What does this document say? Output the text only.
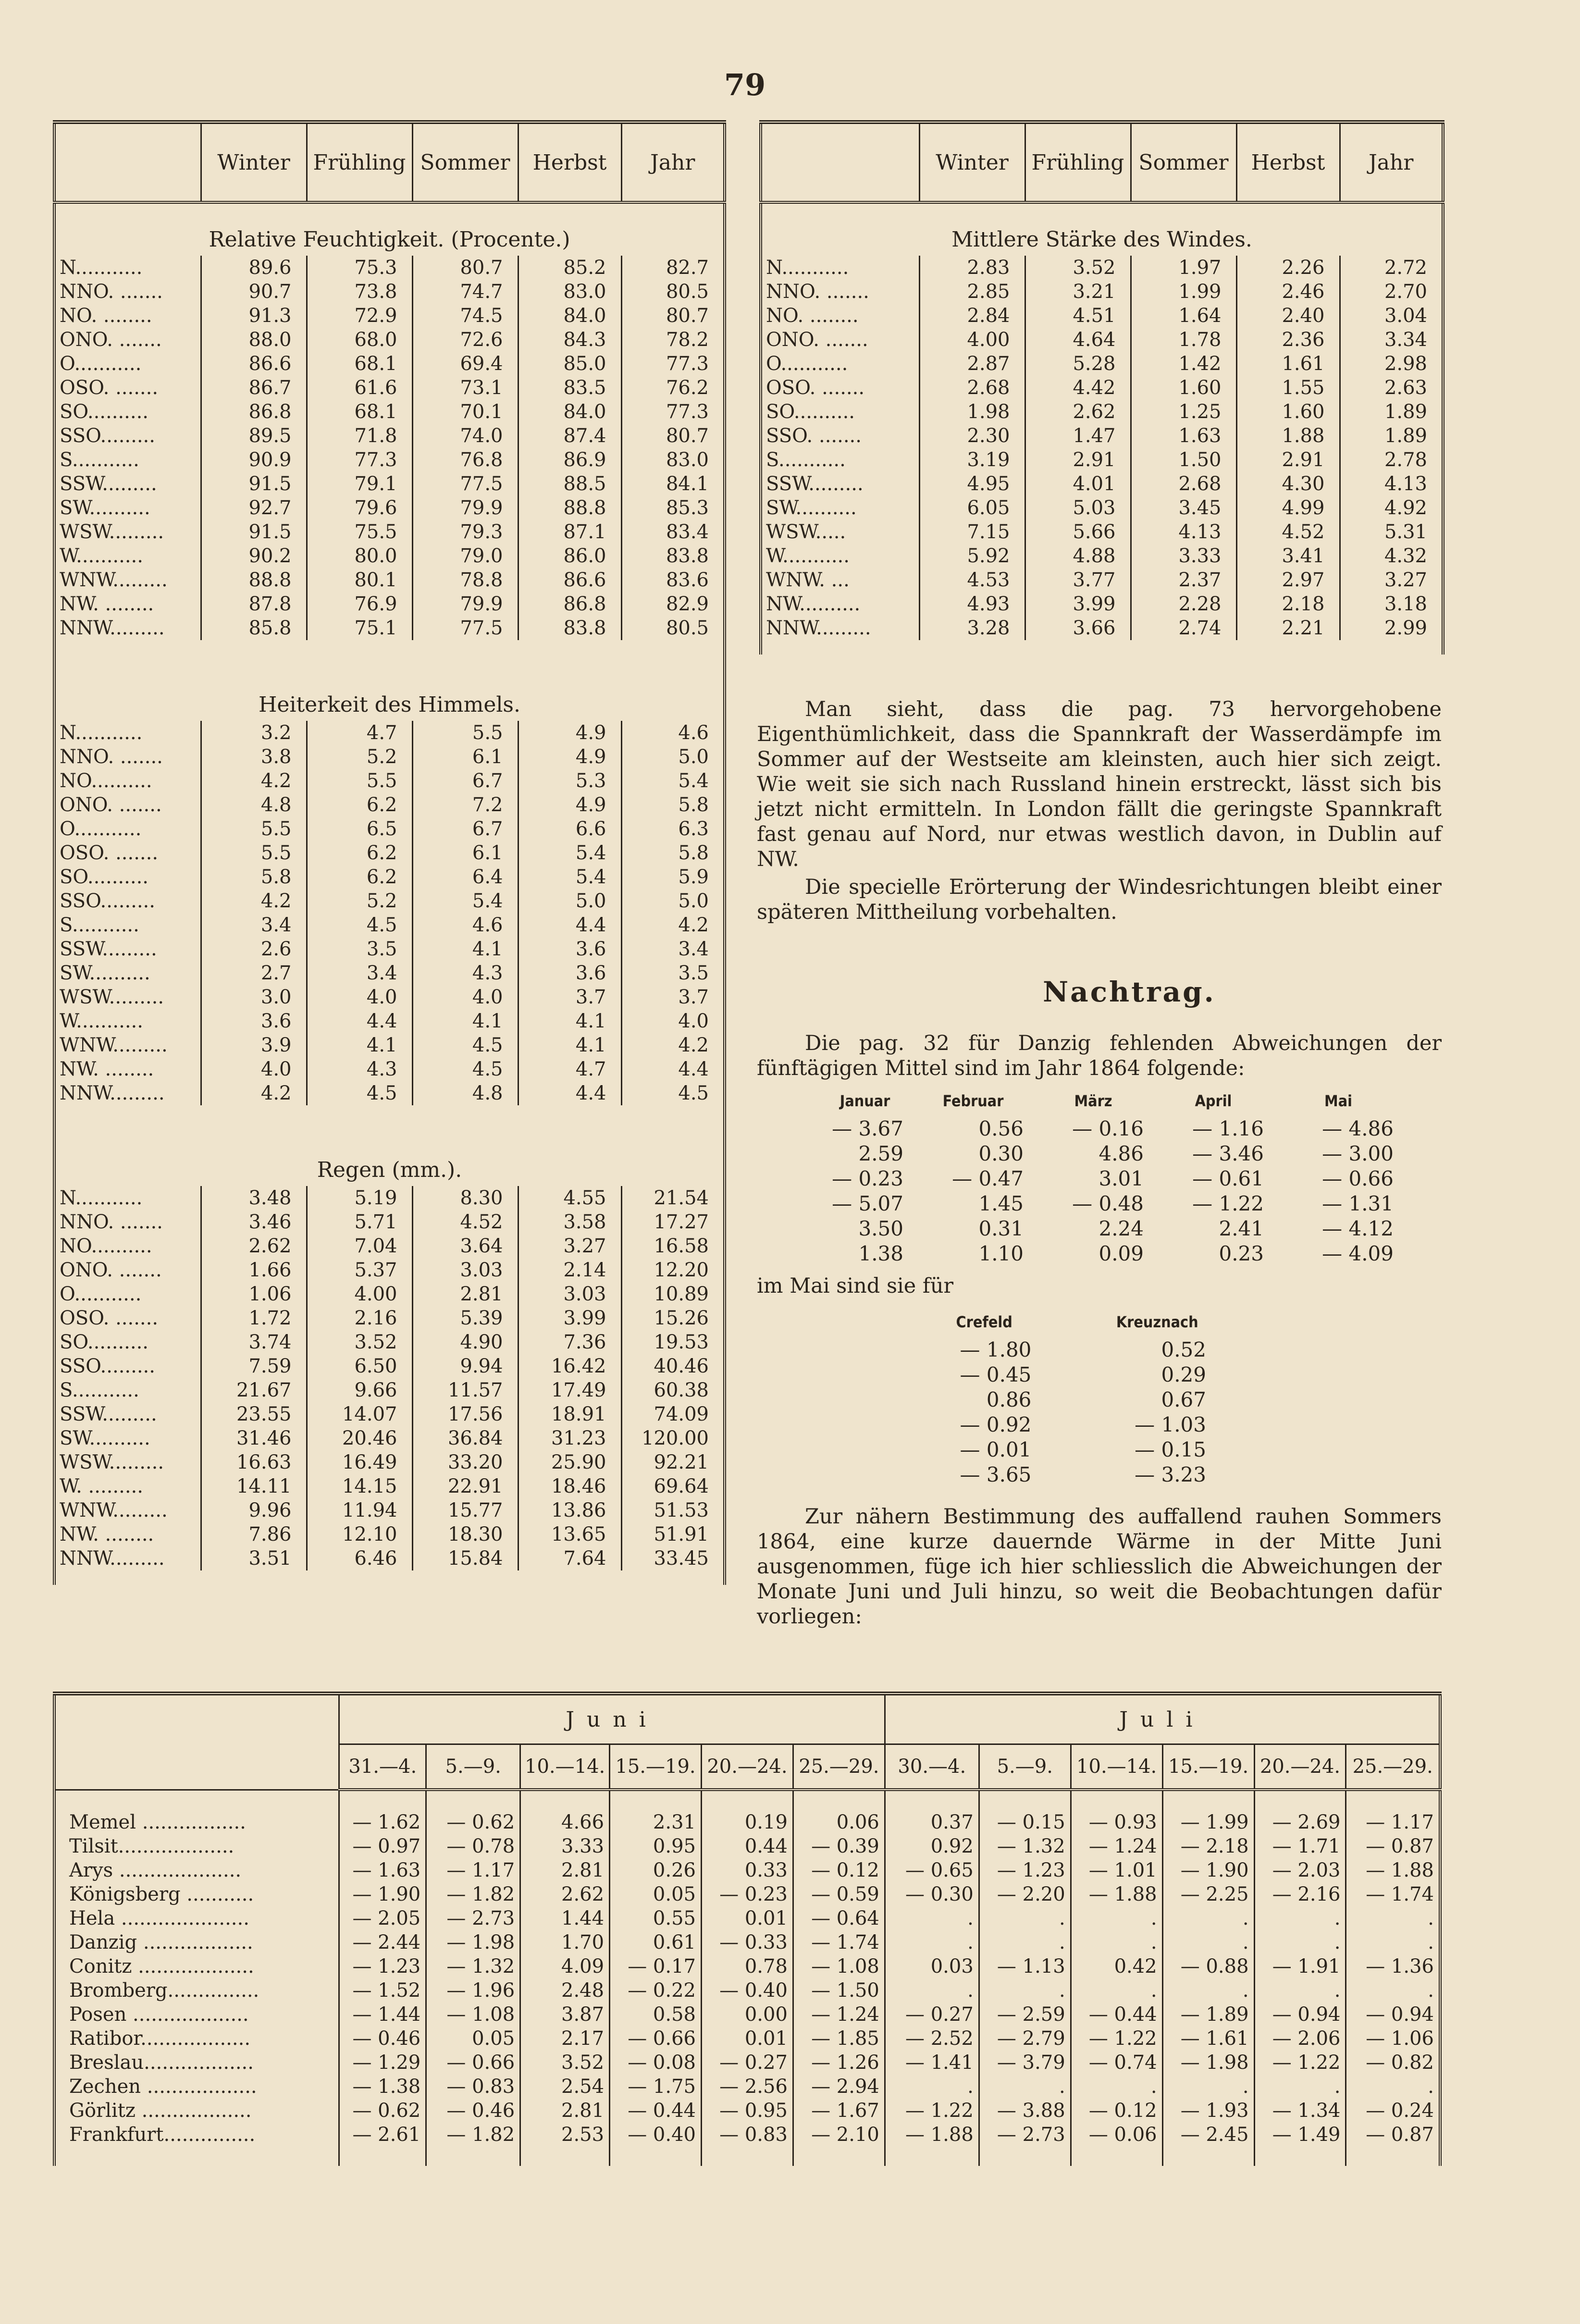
79
	Winter	Frühling	Sommer	Herbst	Jahr
Relative Feuchtigkeit. (Procente.)					
N...........	89.6	75.3	80.7	85.2	82.7
NNO. .......	90.7	73.8	74.7	83.0	80.5
NO. ........	91.3	72.9	74.5	84.0	80.7
ONO. .......	88.0	68.0	72.6	84.3	78.2
O...........	86.6	68.1	69.4	85.0	77.3
OSO. .......	86.7	61.6	73.1	83.5	76.2
SO..........	86.8	68.1	70.1	84.0	77.3
SSO.........	89.5	71.8	74.0	87.4	80.7
S...........	90.9	77.3	76.8	86.9	83.0
SSW.........	91.5	79.1	77.5	88.5	84.1
SW..........	92.7	79.6	79.9	88.8	85.3
WSW.........	91.5	75.5	79.3	87.1	83.4
W...........	90.2	80.0	79.0	86.0	83.8
WNW.........	88.8	80.1	78.8	86.6	83.6
NW. ........	87.8	76.9	79.9	86.8	82.9
NNW.........	85.8	75.1	77.5	83.8	80.5

Heiterkeit des Himmels.					
N...........	3.2	4.7	5.5	4.9	4.6
NNO. .......	3.8	5.2	6.1	4.9	5.0
NO..........	4.2	5.5	6.7	5.3	5.4
ONO. .......	4.8	6.2	7.2	4.9	5.8
O...........	5.5	6.5	6.7	6.6	6.3
OSO. .......	5.5	6.2	6.1	5.4	5.8
SO..........	5.8	6.2	6.4	5.4	5.9
SSO.........	4.2	5.2	5.4	5.0	5.0
S...........	3.4	4.5	4.6	4.4	4.2
SSW.........	2.6	3.5	4.1	3.6	3.4
SW..........	2.7	3.4	4.3	3.6	3.5
WSW.........	3.0	4.0	4.0	3.7	3.7
W...........	3.6	4.4	4.1	4.1	4.0
WNW.........	3.9	4.1	4.5	4.1	4.2
NW. ........	4.0	4.3	4.5	4.7	4.4
NNW.........	4.2	4.5	4.8	4.4	4.5

Regen (mm.).					
N...........	3.48	5.19	8.30	4.55	21.54
NNO. .......	3.46	5.71	4.52	3.58	17.27
NO..........	2.62	7.04	3.64	3.27	16.58
ONO. .......	1.66	5.37	3.03	2.14	12.20
O...........	1.06	4.00	2.81	3.03	10.89
OSO. .......	1.72	2.16	5.39	3.99	15.26
SO..........	3.74	3.52	4.90	7.36	19.53
SSO.........	7.59	6.50	9.94	16.42	40.46
S...........	21.67	9.66	11.57	17.49	60.38
SSW.........	23.55	14.07	17.56	18.91	74.09
SW..........	31.46	20.46	36.84	31.23	120.00
WSW.........	16.63	16.49	33.20	25.90	92.21
W. .........	14.11	14.15	22.91	18.46	69.64
WNW.........	9.96	11.94	15.77	13.86	51.53
NW. ........	7.86	12.10	18.30	13.65	51.91
NNW.........	3.51	6.46	15.84	7.64	33.45

	Winter	Frühling	Sommer	Herbst	Jahr
Mittlere Stärke des Windes.					
N...........	2.83	3.52	1.97	2.26	2.72
NNO. .......	2.85	3.21	1.99	2.46	2.70
NO. ........	2.84	4.51	1.64	2.40	3.04
ONO. .......	4.00	4.64	1.78	2.36	3.34
O...........	2.87	5.28	1.42	1.61	2.98
OSO. .......	2.68	4.42	1.60	1.55	2.63
SO..........	1.98	2.62	1.25	1.60	1.89
SSO. .......	2.30	1.47	1.63	1.88	1.89
S...........	3.19	2.91	1.50	2.91	2.78
SSW.........	4.95	4.01	2.68	4.30	4.13
SW..........	6.05	5.03	3.45	4.99	4.92
WSW.....	7.15	5.66	4.13	4.52	5.31
W...........	5.92	4.88	3.33	3.41	4.32
WNW. ...	4.53	3.77	2.37	2.97	3.27
NW..........	4.93	3.99	2.28	2.18	3.18
NNW.........	3.28	3.66	2.74	2.21	2.99

Man sieht, dass die pag. 73 hervorgehobene Eigenthümlichkeit, dass die Spannkraft der Wasserdämpfe im Sommer auf der Westseite am kleinsten, auch hier sich zeigt. Wie weit sie sich nach Russland hinein erstreckt, lässt sich bis jetzt nicht ermitteln. In London fällt die geringste Spannkraft fast genau auf Nord, nur etwas westlich davon, in Dublin auf NW.

Die specielle Erörterung der Windesrichtungen bleibt einer späteren Mittheilung vorbehalten.

Nachtrag.

Die pag. 32 für Danzig fehlenden Abweichungen der fünftägigen Mittel sind im Jahr 1864 folgende:

Januar	Februar	März	April	Mai
— 3.67	0.56	— 0.16	— 1.16	— 4.86
2.59	0.30	4.86	— 3.46	— 3.00
— 0.23	— 0.47	3.01	— 0.61	— 0.66
— 5.07	1.45	— 0.48	— 1.22	— 1.31
3.50	0.31	2.24	2.41	— 4.12
1.38	1.10	0.09	0.23	— 4.09
im Mai sind sie für
Crefeld	Kreuznach
— 1.80	0.52
— 0.45	0.29
0.86	0.67
— 0.92	— 1.03
— 0.01	— 0.15
— 3.65	— 3.23

Zur nähern Bestimmung des auffallend rauhen Sommers 1864, eine kurze dauernde Wärme in der Mitte Juni ausgenommen, füge ich hier schliesslich die Abweichungen der Monate Juni und Juli hinzu, so weit die Beobachtungen dafür vorliegen:

	Juni						Juli					
	31.—4.	5.—9.	10.—14.	15.—19.	20.—24.	25.—29.	30.—4.	5.—9.	10.—14.	15.—19.	20.—24.	25.—29.

Memel .................	— 1.62	— 0.62	4.66	2.31	0.19	0.06	0.37	— 0.15	— 0.93	— 1.99	— 2.69	— 1.17
Tilsit...................	— 0.97	— 0.78	3.33	0.95	0.44	— 0.39	0.92	— 1.32	— 1.24	— 2.18	— 1.71	— 0.87
Arys ....................	— 1.63	— 1.17	2.81	0.26	0.33	— 0.12	— 0.65	— 1.23	— 1.01	— 1.90	— 2.03	— 1.88
Königsberg ...........	— 1.90	— 1.82	2.62	0.05	— 0.23	— 0.59	— 0.30	— 2.20	— 1.88	— 2.25	— 2.16	— 1.74
Hela .....................	— 2.05	— 2.73	1.44	0.55	0.01	— 0.64	.	.	.	.	.	.
Danzig ..................	— 2.44	— 1.98	1.70	0.61	— 0.33	— 1.74	.	.	.	.	.	.
Conitz ...................	— 1.23	— 1.32	4.09	— 0.17	0.78	— 1.08	0.03	— 1.13	0.42	— 0.88	— 1.91	— 1.36
Bromberg...............	— 1.52	— 1.96	2.48	— 0.22	— 0.40	— 1.50	.	.	.	.	.	.
Posen ...................	— 1.44	— 1.08	3.87	0.58	0.00	— 1.24	— 0.27	— 2.59	— 0.44	— 1.89	— 0.94	— 0.94
Ratibor..................	— 0.46	0.05	2.17	— 0.66	0.01	— 1.85	— 2.52	— 2.79	— 1.22	— 1.61	— 2.06	— 1.06
Breslau..................	— 1.29	— 0.66	3.52	— 0.08	— 0.27	— 1.26	— 1.41	— 3.79	— 0.74	— 1.98	— 1.22	— 0.82
Zechen ..................	— 1.38	— 0.83	2.54	— 1.75	— 2.56	— 2.94	.	.	.	.	.	.
Görlitz ..................	— 0.62	— 0.46	2.81	— 0.44	— 0.95	— 1.67	— 1.22	— 3.88	— 0.12	— 1.93	— 1.34	— 0.24
Frankfurt...............	— 2.61	— 1.82	2.53	— 0.40	— 0.83	— 2.10	— 1.88	— 2.73	— 0.06	— 2.45	— 1.49	— 0.87
